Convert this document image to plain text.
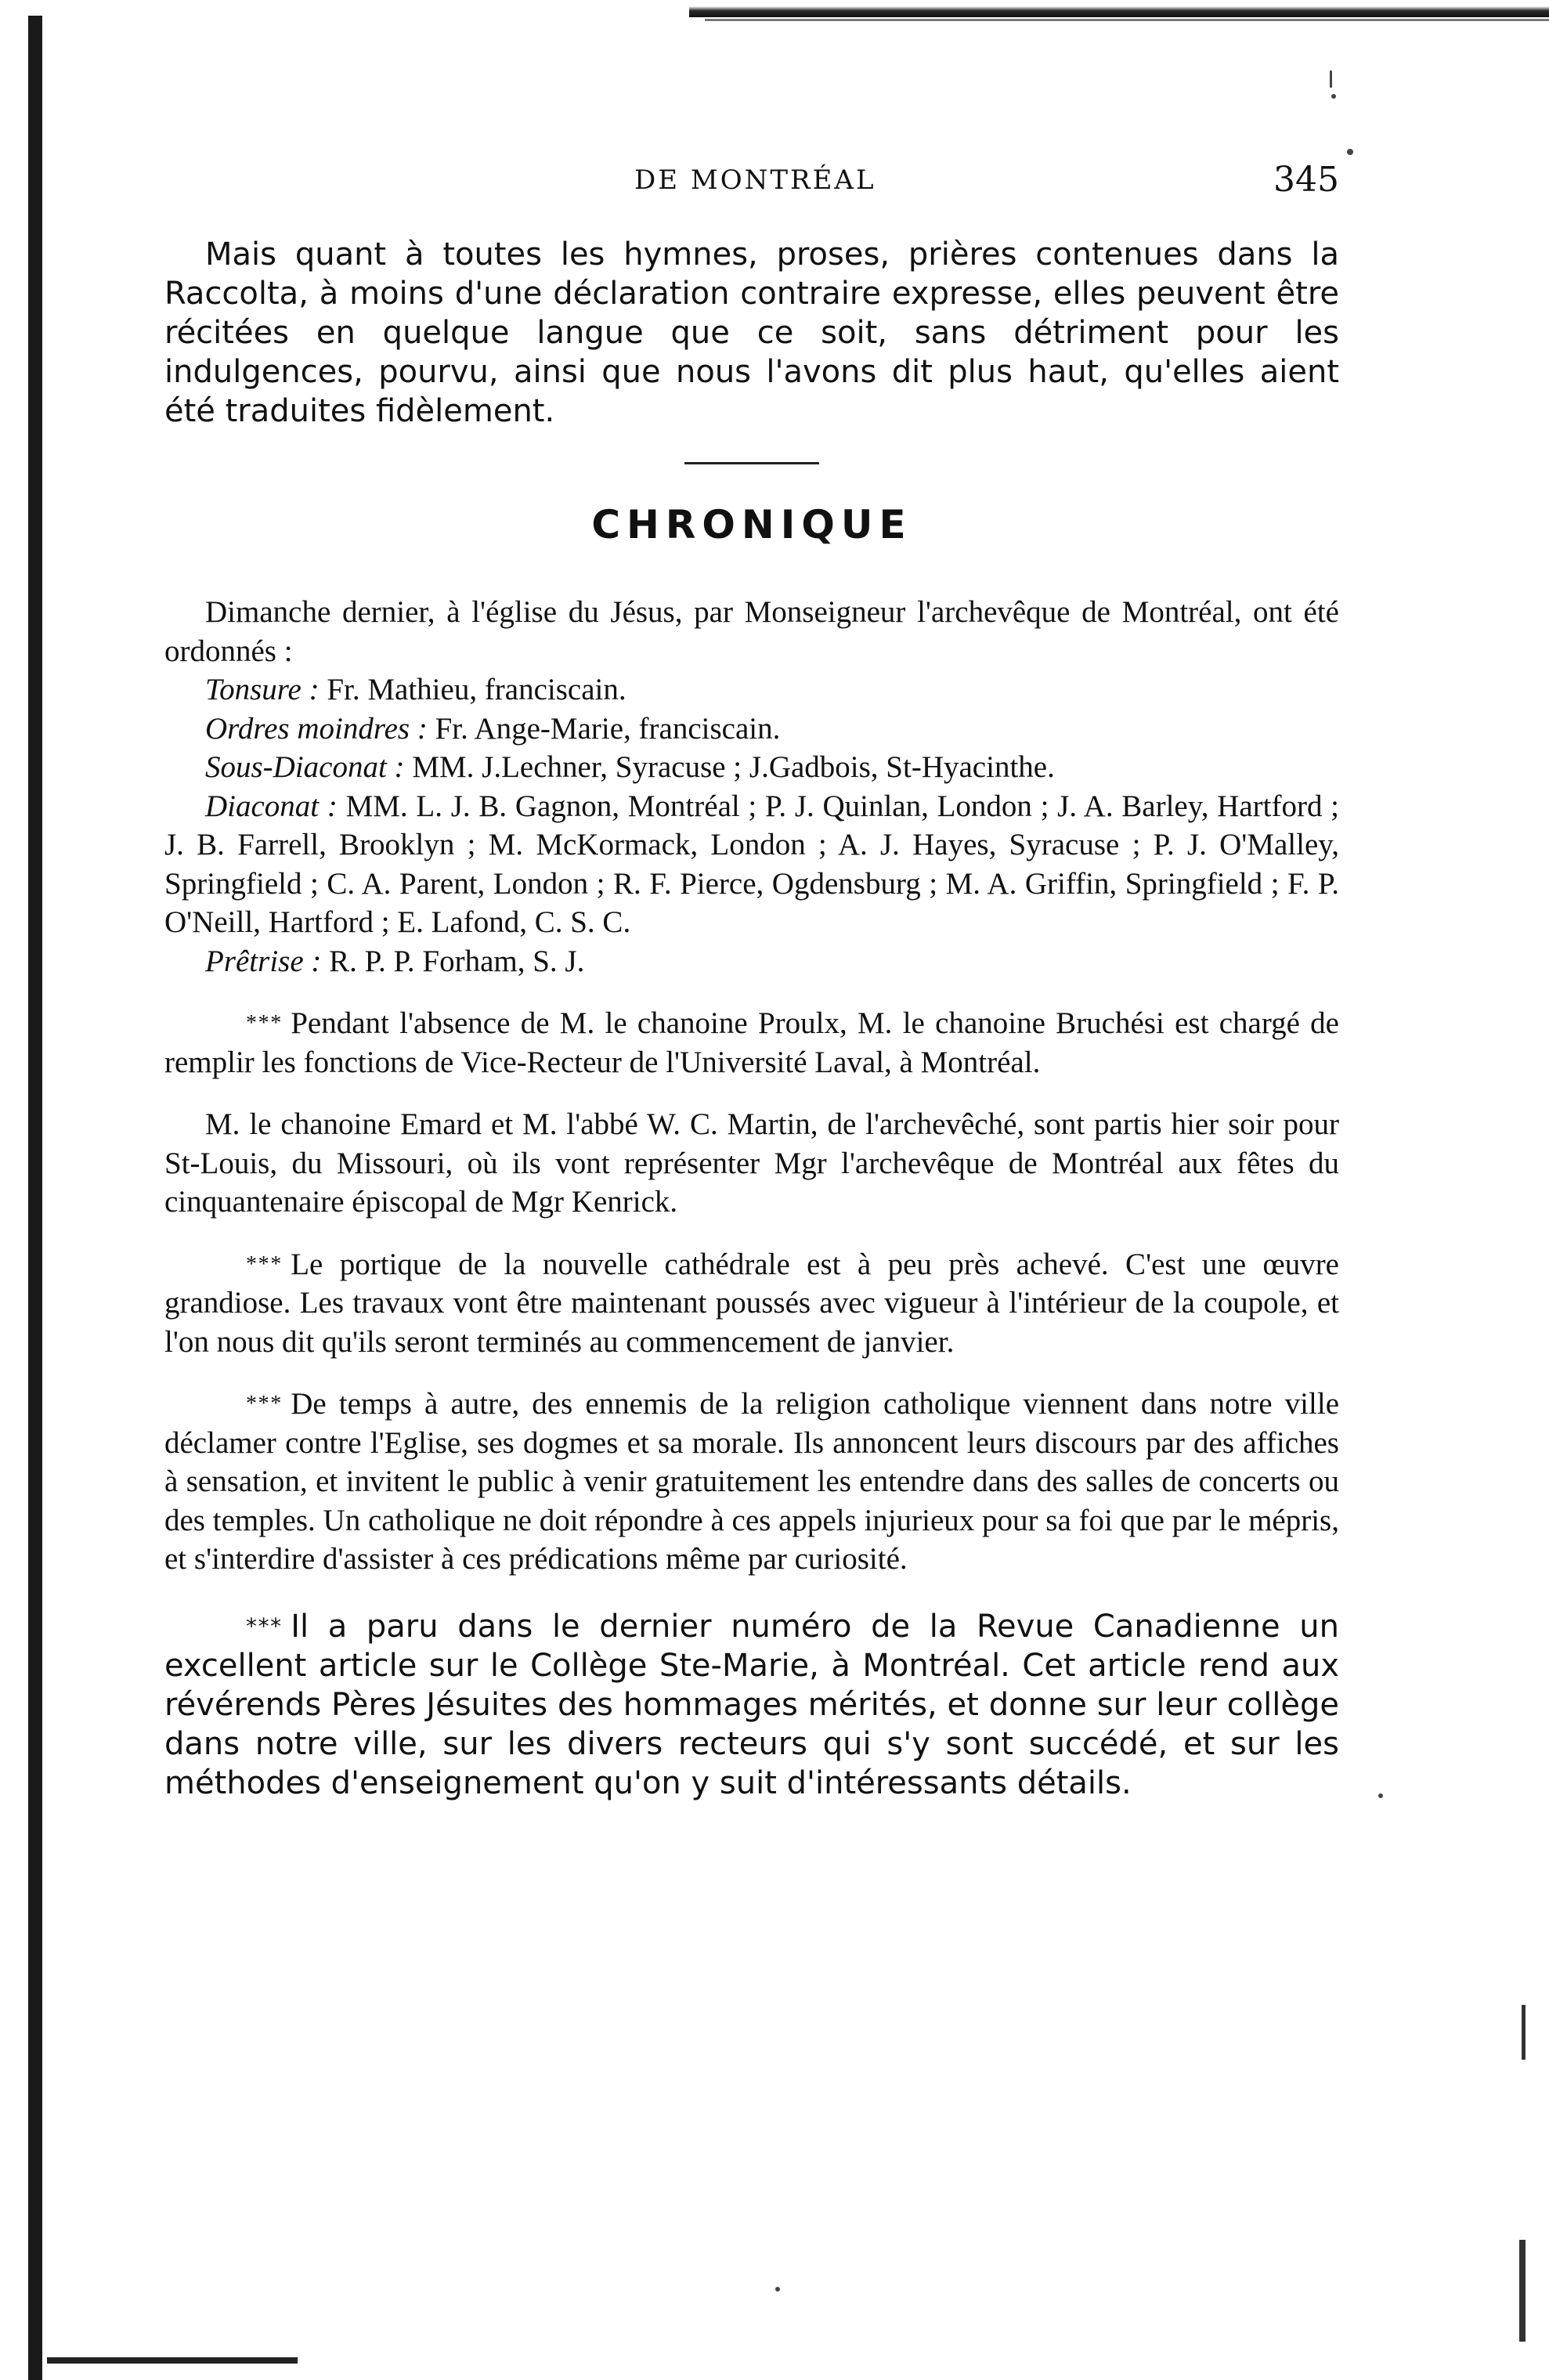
DE MONTRÉAL	345

Mais quant à toutes les hymnes, proses, prières contenues dans la Raccolta, à moins d'une déclaration contraire expresse, elles peuvent être récitées en quelque langue que ce soit, sans détriment pour les indulgences, pourvu, ainsi que nous l'avons dit plus haut, qu'elles aient été traduites fidèlement.

CHRONIQUE

Dimanche dernier, à l'église du Jésus, par Monseigneur l'archevêque de Montréal, ont été ordonnés :

Tonsure : Fr. Mathieu, franciscain.

Ordres moindres : Fr. Ange-Marie, franciscain.

Sous-Diaconat : MM. J.Lechner, Syracuse ; J.Gadbois, St-Hyacinthe.

Diaconat : MM. L. J. B. Gagnon, Montréal ; P. J. Quinlan, London ; J. A. Barley, Hartford ; J. B. Farrell, Brooklyn ; M. McKormack, London ; A. J. Hayes, Syracuse ; P. J. O'Malley, Springfield ; C. A. Parent, London ; R. F. Pierce, Ogdensburg ; M. A. Griffin, Springfield ; F. P. O'Neill, Hartford ; E. Lafond, C. S. C.

Prêtrise : R. P. P. Forham, S. J.

* * * Pendant l'absence de M. le chanoine Proulx, M. le chanoine Bruchési est chargé de remplir les fonctions de Vice-Recteur de l'Université Laval, à Montréal.

M. le chanoine Emard et M. l'abbé W. C. Martin, de l'archevêché, sont partis hier soir pour St-Louis, du Missouri, où ils vont représenter Mgr l'archevêque de Montréal aux fêtes du cinquantenaire épiscopal de Mgr Kenrick.

* * * Le portique de la nouvelle cathédrale est à peu près achevé. C'est une œuvre grandiose. Les travaux vont être maintenant poussés avec vigueur à l'intérieur de la coupole, et l'on nous dit qu'ils seront terminés au commencement de janvier.

* * * De temps à autre, des ennemis de la religion catholique viennent dans notre ville déclamer contre l'Eglise, ses dogmes et sa morale. Ils annoncent leurs discours par des affiches à sensation, et invitent le public à venir gratuitement les entendre dans des salles de concerts ou des temples. Un catholique ne doit répondre à ces appels injurieux pour sa foi que par le mépris, et s'interdire d'assister à ces prédications même par curiosité.

* * * Il a paru dans le dernier numéro de la Revue Canadienne un excellent article sur le Collège Ste-Marie, à Montréal. Cet article rend aux révérends Pères Jésuites des hommages mérités, et donne sur leur collège dans notre ville, sur les divers recteurs qui s'y sont succédé, et sur les méthodes d'enseignement qu'on y suit d'intéressants détails.
